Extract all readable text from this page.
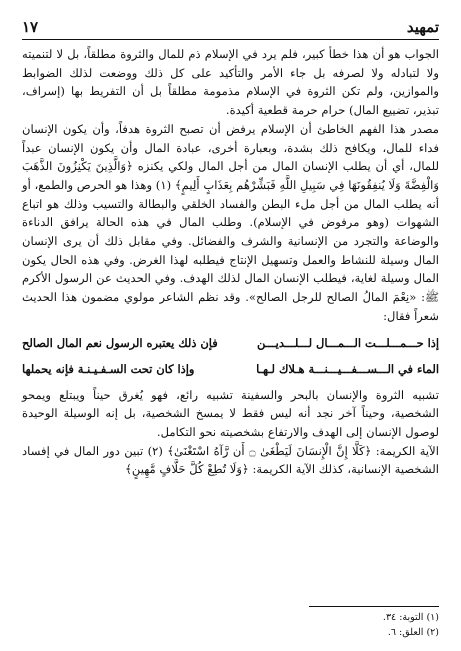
١٧	تمهيد

الجواب هو أن هذا خطأ كبير، فلم يرد في الإسلام ذم للمال والثروة مطلقاً، بل لا لتنميته ولا لتبادله ولا لصرفه بل جاء الأمر والتأكيد على كل ذلك ووضعت لذلك الضوابط والموازين، ولم تكن الثروة في الإسلام مذمومة مطلقاً بل أن التفريط بها (إسراف، تبذير، تضييع المال) حرام حرمة قطعية أكيدة.

مصدر هذا الفهم الخاطئ أن الإسلام يرفض أن تصبح الثروة هدفاً، وأن يكون الإنسان فداء للمال، ويكافح ذلك بشدة، وبعبارة أخرى، عبادة المال وأن يكون الإنسان عبداً للمال، أي أن يطلب الإنسان المال من أجل المال ولكي يكنزه ﴿وَالَّذِينَ يَكْنِزُونَ الذَّهَبَ وَالْفِضَّةَ وَلَا يُنفِقُونَهَا فِي سَبِيلِ اللَّهِ فَبَشِّرْهُم بِعَذَابٍ أَلِيمٍ﴾ (١) وهذا هو الحرص والطمع، أو أنه يطلب المال من أجل ملء البطن والفساد الخلقي والبطالة والتسيب وذلك هو اتباع الشهوات (وهو مرفوض في الإسلام). وطلب المال في هذه الحالة يرافق الدناءة والوضاعة والتجرد من الإنسانية والشرف والفضائل. وفي مقابل ذلك أن يرى الإنسان المال وسيلة للنشاط والعمل وتسهيل الإنتاج فيطلبه لهذا الغرض. وفي هذه الحال يكون المال وسيلة لغاية، فيطلب الإنسان المال لذلك الهدف. وفي الحديث عن الرسول الأكرم ﷺ: «نِعْمَ المالُ الصالح للرجل الصالح». وقد نظم الشاعر مولوي مضمون هذا الحديث شعراً فقال:

إذا حـــمـــلـــت الـــمـــال لـــلـــديـــن
فإن ذلك يعتبره الرسول نعم المال الصالح
الماء في الـــســـفـــيـــنـــة هـلاك لـهـا
وإذا كان تحت السـفـيـنـة فإنه يحملها

تشبيه الثروة والإنسان بالبحر والسفينة تشبيه رائع، فهو يُغرق حيناً ويبتلع ويمحو الشخصية، وحيناً آخر نجد أنه ليس فقط لا يمسخ الشخصية، بل إنه الوسيلة الوحيدة لوصول الإنسان إلى الهدف والارتفاع بشخصيته نحو التكامل.

الآية الكريمة: ﴿كَلَّا إِنَّ الْإِنسَانَ لَيَطْغَىٰ ۝ أَن رَّآهُ اسْتَغْنَىٰ﴾ (٢) تبين دور المال في إفساد الشخصية الإنسانية، كذلك الآية الكريمة: ﴿وَلَا تُطِعْ كُلَّ حَلَّافٍ مَّهِينٍ﴾

(١) التوبة: ٣٤.
(٢) العلق: ٦.
